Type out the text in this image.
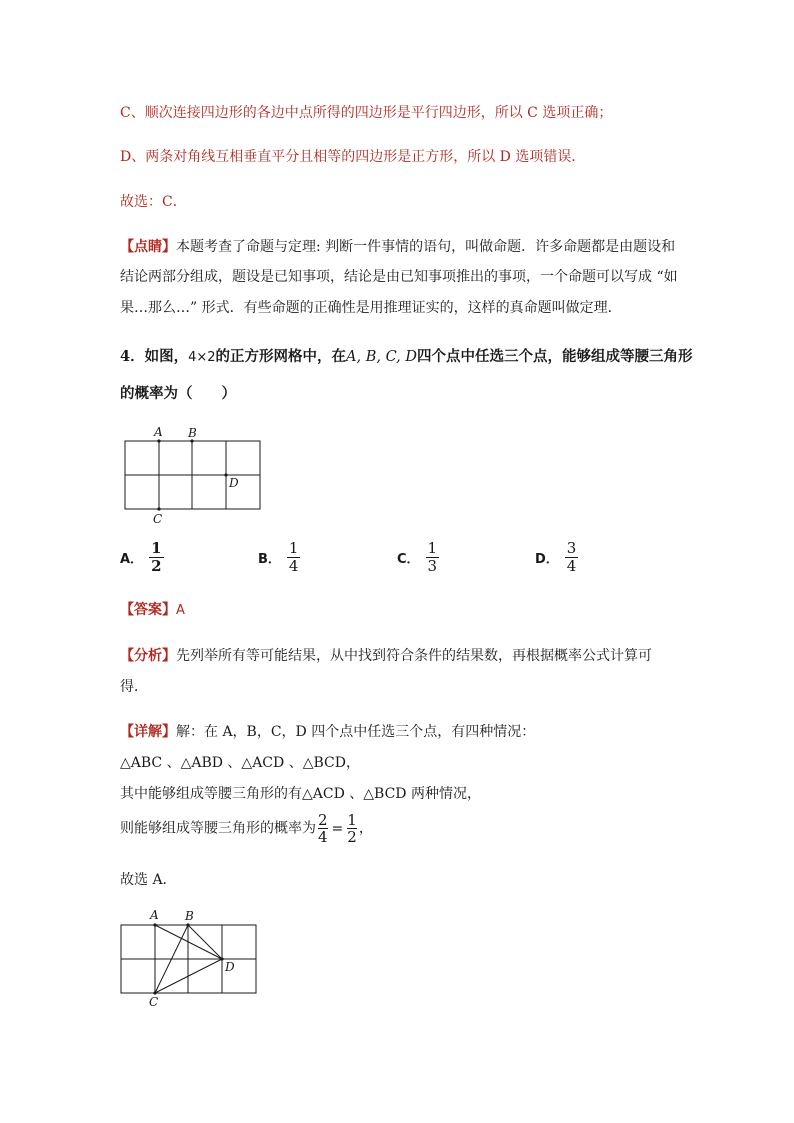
C、顺次连接四边形的各边中点所得的四边形是平行四边形，所以 C 选项正确；
D、两条对角线互相垂直平分且相等的四边形是正方形，所以 D 选项错误．
故选：C．
【点睛】本题考查了命题与定理: 判断一件事情的语句，叫做命题．许多命题都是由题设和
结论两部分组成，题设是已知事项，结论是由已知事项推出的事项，一个命题可以写成 “如
果…那么…” 形式．有些命题的正确性是用推理证实的，这样的真命题叫做定理．
4．如图，4×2的正方形网格中，在A, B, C, D四个点中任选三个点，能够组成等腰三角形
的概率为（　　）
A B
D
C
A． $\frac{1}{2}$	B． $\frac{1}{4}$	C． $\frac{1}{3}$	D． $\frac{3}{4}$
【答案】A
【分析】先列举所有等可能结果，从中找到符合条件的结果数，再根据概率公式计算可
得．
【详解】解：在 A，B，C，D 四个点中任选三个点，有四种情况：
△ABC 、△ABD 、△ACD 、△BCD，
其中能够组成等腰三角形的有△ACD 、△BCD 两种情况，
则能够组成等腰三角形的概率为 $\frac{2}{4} = \frac{1}{2}$ ，
故选 A．
A B
D
C
